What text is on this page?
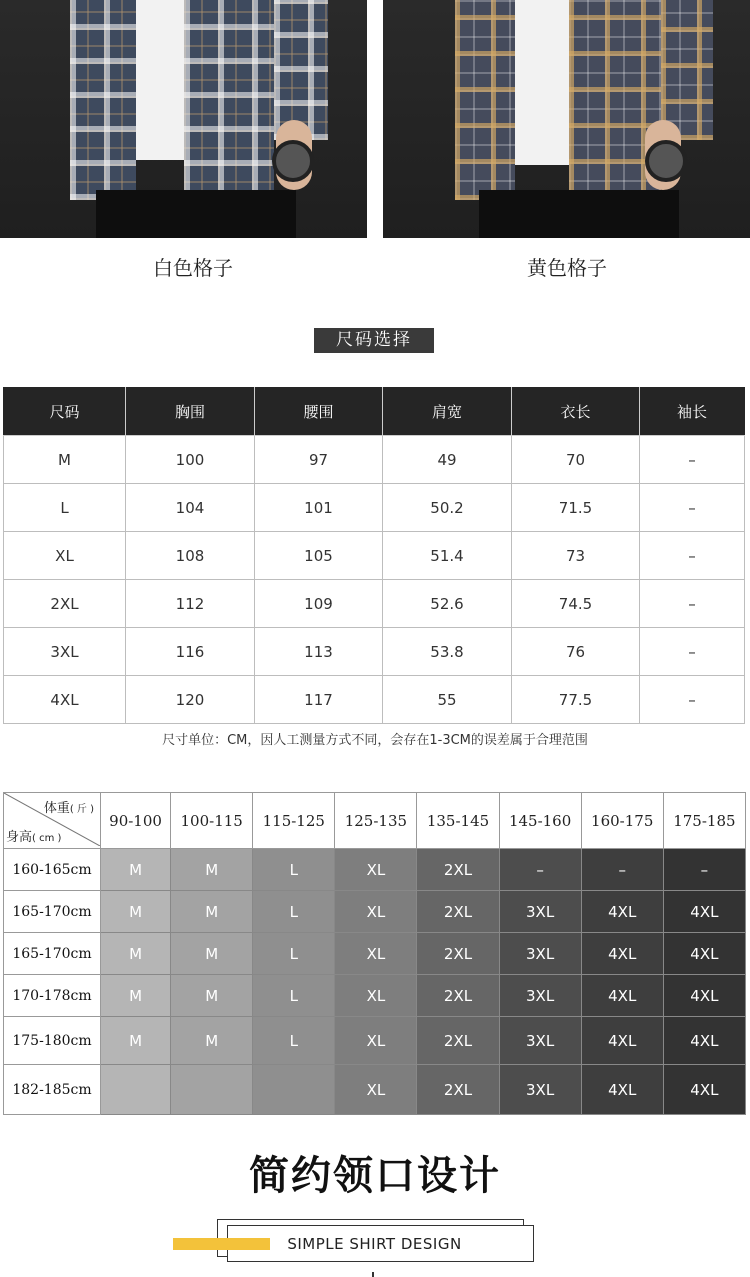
白色格子	黄色格子
尺码选择
尺码	胸围	腰围	肩宽	衣长	袖长
M	100	97	49	70	–
L	104	101	50.2	71.5	–
XL	108	105	51.4	73	–
2XL	112	109	52.6	74.5	–
3XL	116	113	53.8	76	–
4XL	120	117	55	77.5	–
尺寸单位：CM，因人工测量方式不同，会存在1-3CM的误差属于合理范围
体重( 斤 )
身高( cm )	90-100	100-115	115-125	125-135	135-145	145-160	160-175	175-185
160-165cm	M	M	L	XL	2XL	–	–	–
165-170cm	M	M	L	XL	2XL	3XL	4XL	4XL
165-170cm	M	M	L	XL	2XL	3XL	4XL	4XL
170-178cm	M	M	L	XL	2XL	3XL	4XL	4XL
175-180cm	M	M	L	XL	2XL	3XL	4XL	4XL
182-185cm				XL	2XL	3XL	4XL	4XL
简约领口设计
SIMPLE SHIRT DESIGN
